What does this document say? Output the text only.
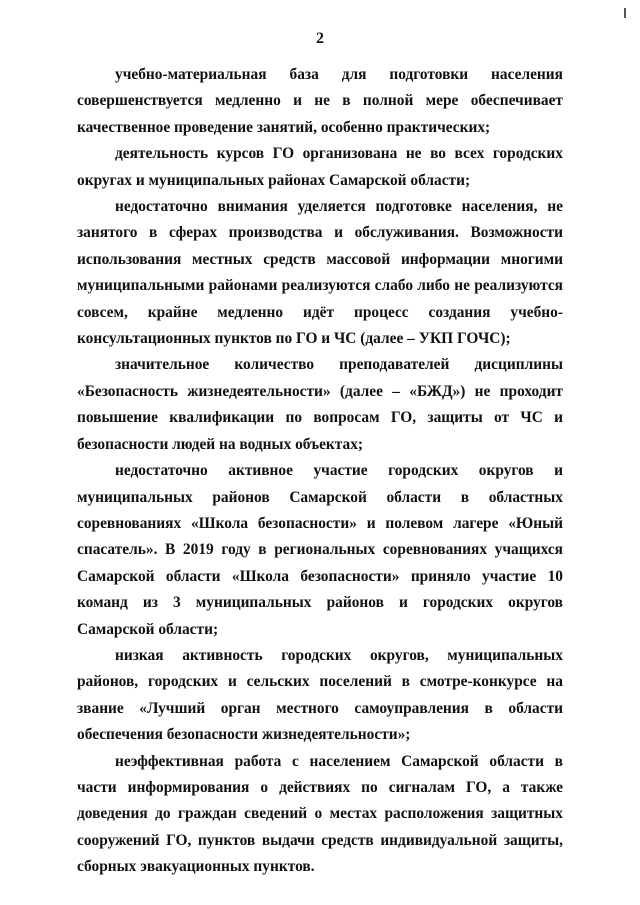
2

учебно-материальная база для подготовки населения совершенствуется медленно и не в полной мере обеспечивает качественное проведение занятий, особенно практических;

деятельность курсов ГО организована не во всех городских округах и муниципальных районах Самарской области;

недостаточно внимания уделяется подготовке населения, не занятого в сферах производства и обслуживания. Возможности использования местных средств массовой информации многими муниципальными районами реализуются слабо либо не реализуются совсем, крайне медленно идёт процесс создания учебно-консультационных пунктов по ГО и ЧС (далее – УКП ГОЧС);

значительное количество преподавателей дисциплины «Безопасность жизнедеятельности» (далее – «БЖД») не проходит повышение квалификации по вопросам ГО, защиты от ЧС и безопасности людей на водных объектах;

недостаточно активное участие городских округов и муниципальных районов Самарской области в областных соревнованиях «Школа безопасности» и полевом лагере «Юный спасатель». В 2019 году в региональных соревнованиях учащихся Самарской области «Школа безопасности» приняло участие 10 команд из 3 муниципальных районов и городских округов Самарской области;

низкая активность городских округов, муниципальных районов, городских и сельских поселений в смотре-конкурсе на звание «Лучший орган местного самоуправления в области обеспечения безопасности жизнедеятельности»;

неэффективная работа с населением Самарской области в части информирования о действиях по сигналам ГО, а также доведения до граждан сведений о местах расположения защитных сооружений ГО, пунктов выдачи средств индивидуальной защиты, сборных эвакуационных пунктов.
